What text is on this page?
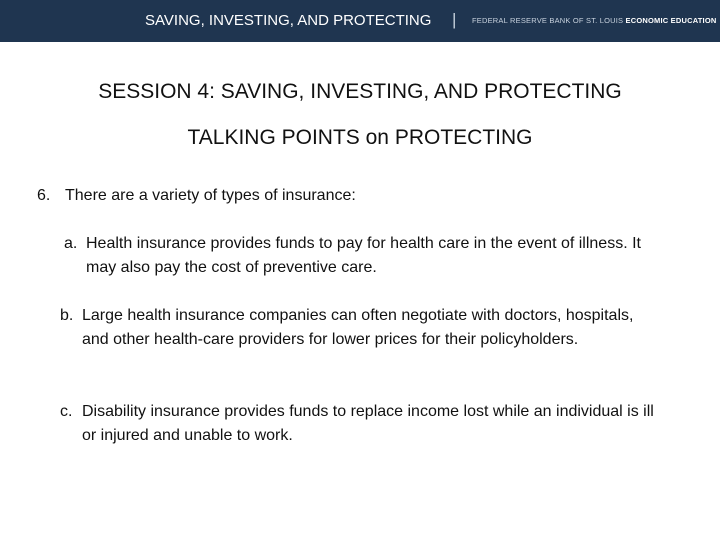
SAVING, INVESTING, AND PROTECTING | FEDERAL RESERVE BANK OF ST. LOUIS ECONOMIC EDUCATION
SESSION 4: SAVING, INVESTING, AND PROTECTING
TALKING POINTS on PROTECTING
6. There are a variety of types of insurance:
a. Health insurance provides funds to pay for health care in the event of illness. It may also pay the cost of preventive care.
b. Large health insurance companies can often negotiate with doctors, hospitals, and other health-care providers for lower prices for their policyholders.
c. Disability insurance provides funds to replace income lost while an individual is ill or injured and unable to work.
